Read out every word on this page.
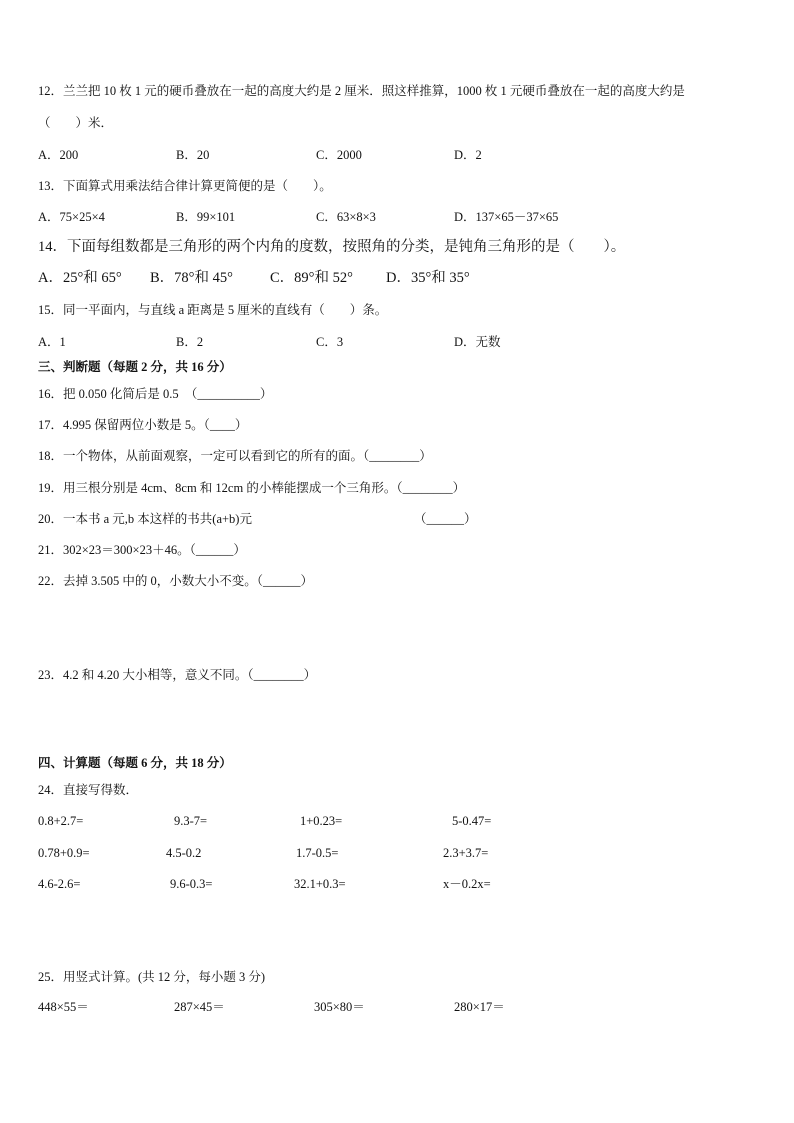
12．兰兰把 10 枚 1 元的硬币叠放在一起的高度大约是 2 厘米．照这样推算，1000 枚 1 元硬币叠放在一起的高度大约是
（　　）米．
A．200	B．20	C．2000	D．2
13．下面算式用乘法结合律计算更简便的是（　　）。
A．75×25×4	B．99×101	C．63×8×3	D．137×65－37×65
14．下面每组数都是三角形的两个内角的度数，按照角的分类，是钝角三角形的是（　　）。
A．25°和 65° B．78°和 45°	C．89°和 52° D．35°和 35°
15．同一平面内，与直线 a 距离是 5 厘米的直线有（　　）条。
A．1	B．2	C．3	D．无数
三、判断题（每题 2 分，共 16 分）
16．把 0.050 化简后是 0.5　（__________）
17．4.995 保留两位小数是 5。（____）
18．一个物体，从前面观察，一定可以看到它的所有的面。（________）
19．用三根分别是 4cm、8cm 和 12cm 的小棒能摆成一个三角形。（________）
20．一本书 a 元,b 本这样的书共(a+b)元	（______）
21．302×23＝300×23＋46。（______）
22．去掉 3.505 中的 0，小数大小不变。（______）
23．4.2 和 4.20 大小相等，意义不同。（________）
四、计算题（每题 6 分，共 18 分）
24．直接写得数．
0.8+2.7=	9.3-7=	1+0.23=	5-0.47=
0.78+0.9=	4.5-0.2	1.7-0.5=	2.3+3.7=
4.6-2.6=	9.6-0.3=	32.1+0.3=	x－0.2x=
25．用竖式计算。(共 12 分，每小题 3 分)
448×55＝	287×45＝	305×80＝	280×17＝
